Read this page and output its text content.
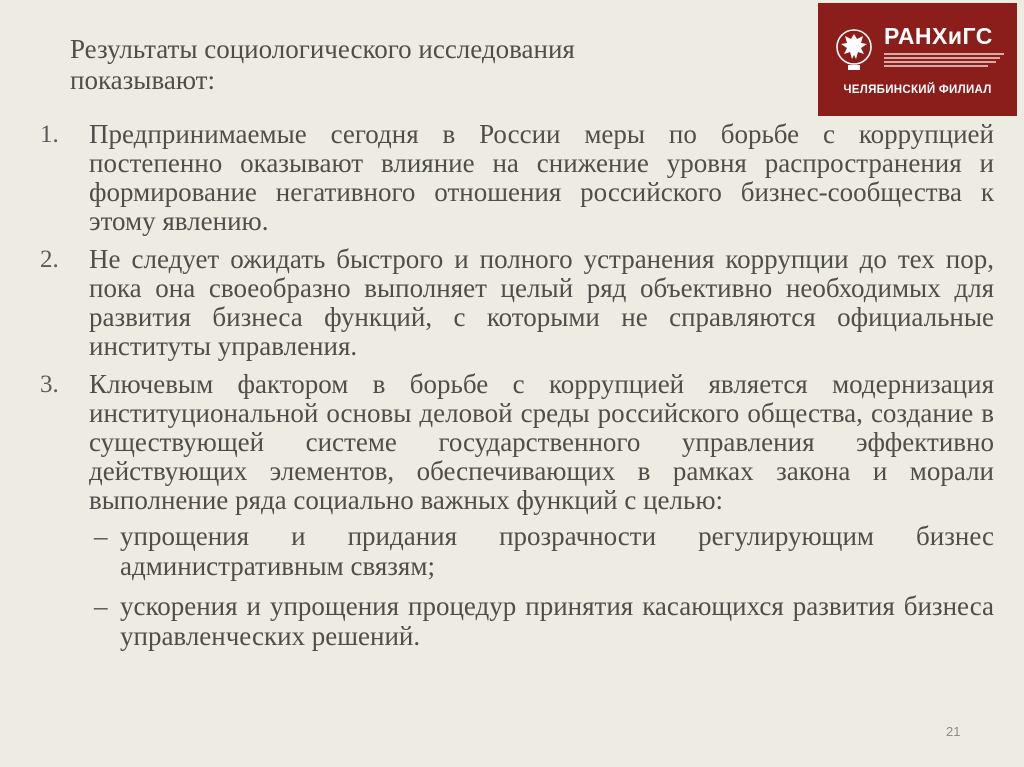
Результаты социологического исследования
показывают:
РАНХиГС
ЧЕЛЯБИНСКИЙ ФИЛИАЛ
1. Предпринимаемые сегодня в России меры по борьбе с коррупцией постепенно оказывают влияние на снижение уровня распространения и формирование негативного отношения российского бизнес-сообщества к этому явлению.
2. Не следует ожидать быстрого и полного устранения коррупции до тех пор, пока она своеобразно выполняет целый ряд объективно необходимых для развития бизнеса функций, с которыми не справляются официальные институты управления.
3. Ключевым фактором в борьбе с коррупцией является модернизация институциональной основы деловой среды российского общества, создание в существующей системе государственного управления эффективно действующих элементов, обеспечивающих в рамках закона и морали выполнение ряда социально важных функций с целью:
– упрощения и придания прозрачности регулирующим бизнес административным связям;
– ускорения и упрощения процедур принятия касающихся развития бизнеса управленческих решений.
21
